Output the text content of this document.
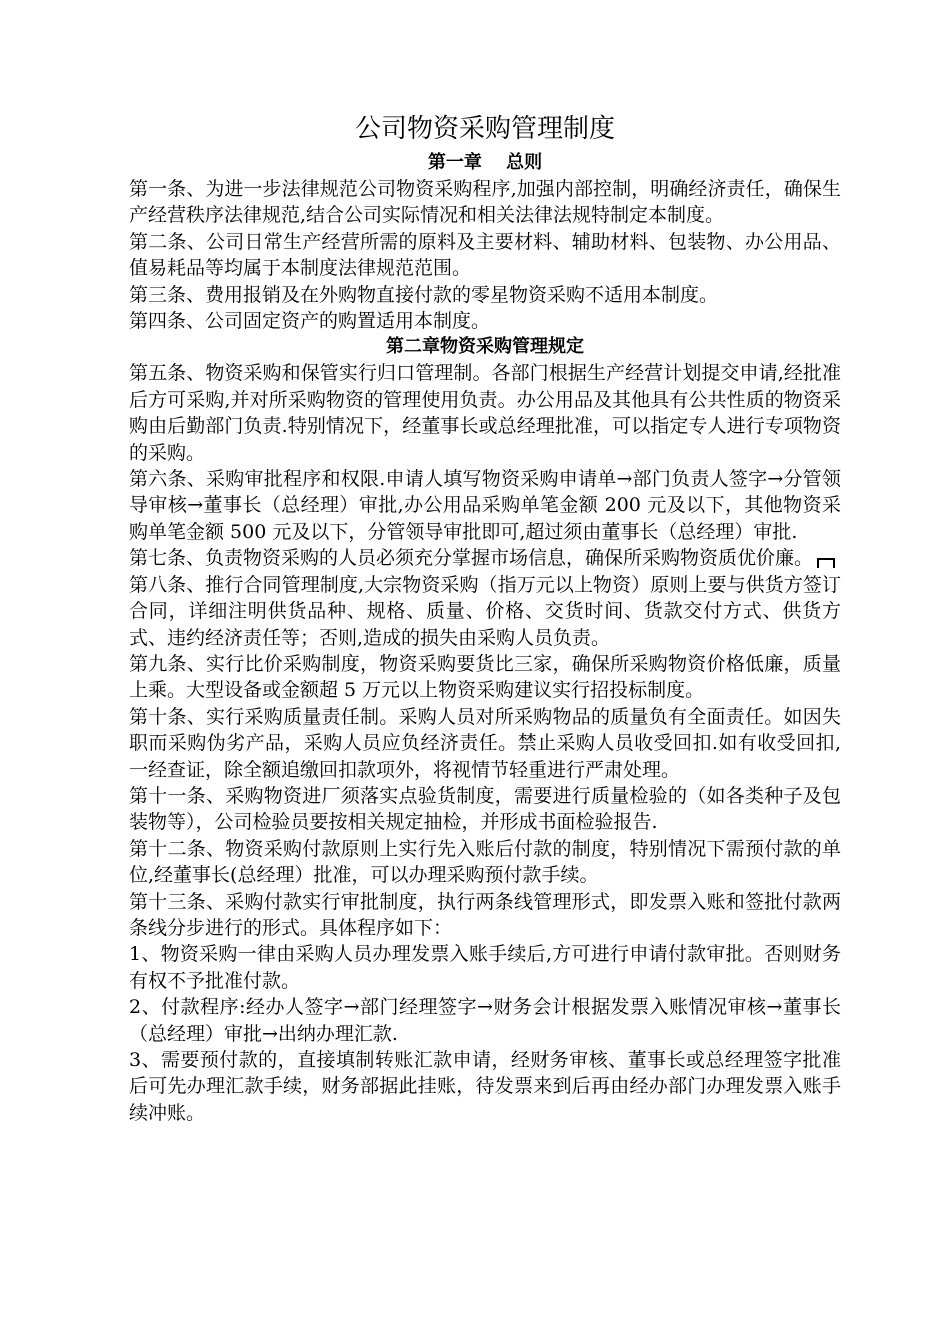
公司物资采购管理制度
第一章　 总则

第一条、为进一步法律规范公司物资采购程序,加强内部控制，明确经济责任，确保生产经营秩序法律规范,结合公司实际情况和相关法律法规特制定本制度。

第二条、公司日常生产经营所需的原料及主要材料、辅助材料、包装物、办公用品、值易耗品等均属于本制度法律规范范围。

第三条、费用报销及在外购物直接付款的零星物资采购不适用本制度。

第四条、公司固定资产的购置适用本制度。

第二章物资采购管理规定

第五条、物资采购和保管实行归口管理制。各部门根据生产经营计划提交申请,经批准后方可采购,并对所采购物资的管理使用负责。办公用品及其他具有公共性质的物资采购由后勤部门负责.特别情况下，经董事长或总经理批准，可以指定专人进行专项物资的采购。

第六条、采购审批程序和权限.申请人填写物资采购申请单→部门负责人签字→分管领导审核→董事长（总经理）审批,办公用品采购单笔金额 200 元及以下，其他物资采购单笔金额 500 元及以下，分管领导审批即可,超过须由董事长（总经理）审批.

第七条、负责物资采购的人员必须充分掌握市场信息，确保所采购物资质优价廉。

第八条、推行合同管理制度,大宗物资采购（指万元以上物资）原则上要与供货方签订合同，详细注明供货品种、规格、质量、价格、交货时间、货款交付方式、供货方式、违约经济责任等；否则,造成的损失由采购人员负责。

第九条、实行比价采购制度，物资采购要货比三家，确保所采购物资价格低廉，质量上乘。大型设备或金额超 5 万元以上物资采购建议实行招投标制度。

第十条、实行采购质量责任制。采购人员对所采购物品的质量负有全面责任。如因失职而采购伪劣产品，采购人员应负经济责任。禁止采购人员收受回扣.如有收受回扣,一经查证，除全额追缴回扣款项外，将视情节轻重进行严肃处理。

第十一条、采购物资进厂须落实点验货制度，需要进行质量检验的（如各类种子及包装物等），公司检验员要按相关规定抽检，并形成书面检验报告.

第十二条、物资采购付款原则上实行先入账后付款的制度，特别情况下需预付款的单位,经董事长(总经理）批准，可以办理采购预付款手续。

第十三条、采购付款实行审批制度，执行两条线管理形式，即发票入账和签批付款两条线分步进行的形式。具体程序如下：

1、物资采购一律由采购人员办理发票入账手续后,方可进行申请付款审批。否则财务有权不予批准付款。

2、付款程序:经办人签字→部门经理签字→财务会计根据发票入账情况审核→董事长（总经理）审批→出纳办理汇款.

3、需要预付款的，直接填制转账汇款申请，经财务审核、董事长或总经理签字批准后可先办理汇款手续，财务部据此挂账，待发票来到后再由经办部门办理发票入账手续冲账。
